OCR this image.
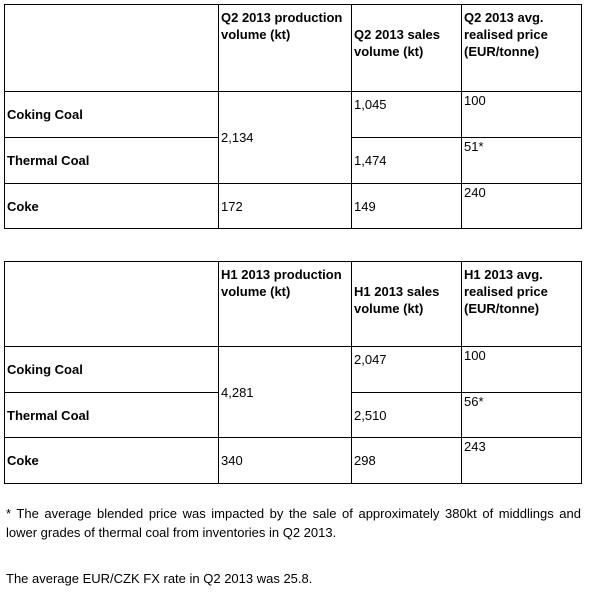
	Q2 2013 production volume (kt)	Q2 2013 sales volume (kt)	Q2 2013 avg. realised price (EUR/tonne)
Coking Coal	2,134	1,045	100
Thermal Coal		1,474	51*
Coke	172	149	240
	H1 2013 production volume (kt)	H1 2013 sales volume (kt)	H1 2013 avg. realised price (EUR/tonne)
Coking Coal	4,281	2,047	100
Thermal Coal		2,510	56*
Coke	340	298	243

* The average blended price was impacted by the sale of approximately 380kt of middlings and lower grades of thermal coal from inventories in Q2 2013.

The average EUR/CZK FX rate in Q2 2013 was 25.8.
